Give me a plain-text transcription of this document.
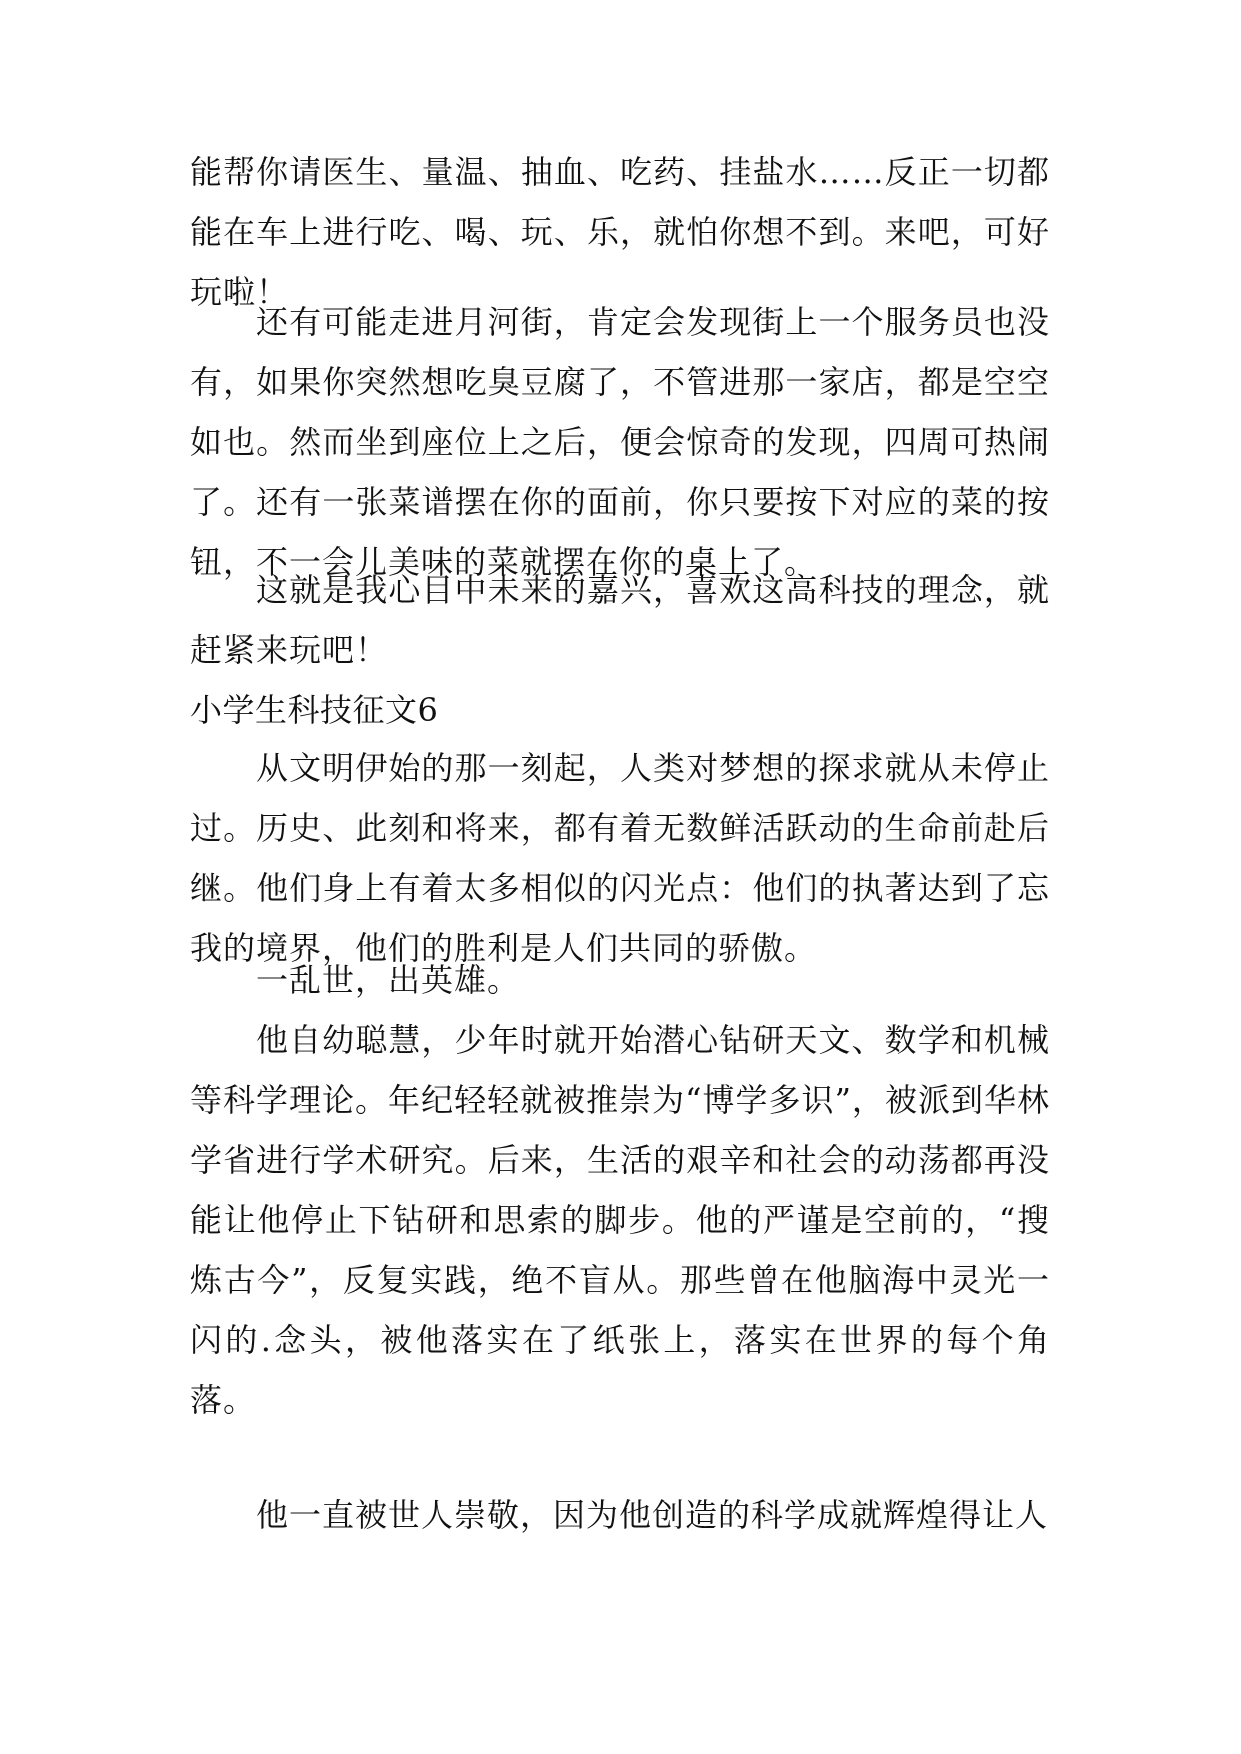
能帮你请医生、量温、抽血、吃药、挂盐水……反正一切都能在车上进行吃、喝、玩、乐，就怕你想不到。来吧，可好玩啦！
还有可能走进月河街，肯定会发现街上一个服务员也没有，如果你突然想吃臭豆腐了，不管进那一家店，都是空空如也。然而坐到座位上之后，便会惊奇的发现，四周可热闹了。还有一张菜谱摆在你的面前，你只要按下对应的菜的按钮，不一会儿美味的菜就摆在你的桌上了。
这就是我心目中未来的嘉兴，喜欢这高科技的理念，就赶紧来玩吧！
小学生科技征文6
从文明伊始的那一刻起，人类对梦想的探求就从未停止过。历史、此刻和将来，都有着无数鲜活跃动的生命前赴后继。他们身上有着太多相似的闪光点：他们的执著达到了忘我的境界，他们的胜利是人们共同的骄傲。
一乱世，出英雄。
他自幼聪慧，少年时就开始潜心钻研天文、数学和机械等科学理论。年纪轻轻就被推崇为“博学多识”，被派到华林学省进行学术研究。后来，生活的艰辛和社会的动荡都再没能让他停止下钻研和思索的脚步。他的严谨是空前的，“搜炼古今”，反复实践，绝不盲从。那些曾在他脑海中灵光一闪的.念头，被他落实在了纸张上，落实在世界的每个角落。
他一直被世人崇敬，因为他创造的科学成就辉煌得让人
